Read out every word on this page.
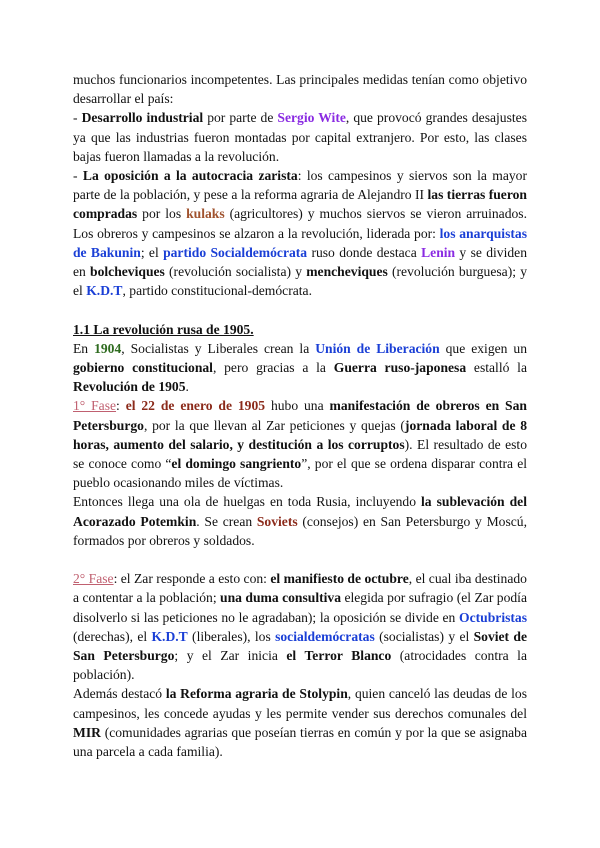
muchos funcionarios incompetentes. Las principales medidas tenían como objetivo desarrollar el país:

- Desarrollo industrial por parte de Sergio Wite, que provocó grandes desajustes ya que las industrias fueron montadas por capital extranjero. Por esto, las clases bajas fueron llamadas a la revolución.

- La oposición a la autocracia zarista: los campesinos y siervos son la mayor parte de la población, y pese a la reforma agraria de Alejandro II las tierras fueron compradas por los kulaks (agricultores) y muchos siervos se vieron arruinados. Los obreros y campesinos se alzaron a la revolución, liderada por: los anarquistas de Bakunin; el partido Socialdemócrata ruso donde destaca Lenin y se dividen en bolcheviques (revolución socialista) y mencheviques (revolución burguesa); y el K.D.T, partido constitucional-demócrata.

1.1 La revolución rusa de 1905.

En 1904, Socialistas y Liberales crean la Unión de Liberación que exigen un gobierno constitucional, pero gracias a la Guerra ruso-japonesa estalló la Revolución de 1905.

1° Fase: el 22 de enero de 1905 hubo una manifestación de obreros en San Petersburgo, por la que llevan al Zar peticiones y quejas (jornada laboral de 8 horas, aumento del salario, y destitución a los corruptos). El resultado de esto se conoce como “el domingo sangriento”, por el que se ordena disparar contra el pueblo ocasionando miles de víctimas.

Entonces llega una ola de huelgas en toda Rusia, incluyendo la sublevación del Acorazado Potemkin. Se crean Soviets (consejos) en San Petersburgo y Moscú, formados por obreros y soldados.

2° Fase: el Zar responde a esto con: el manifiesto de octubre, el cual iba destinado a contentar a la población; una duma consultiva elegida por sufragio (el Zar podía disolverlo si las peticiones no le agradaban); la oposición se divide en Octubristas (derechas), el K.D.T (liberales), los socialdemócratas (socialistas) y el Soviet de San Petersburgo; y el Zar inicia el Terror Blanco (atrocidades contra la población).

Además destacó la Reforma agraria de Stolypin, quien canceló las deudas de los campesinos, les concede ayudas y les permite vender sus derechos comunales del MIR (comunidades agrarias que poseían tierras en común y por la que se asignaba una parcela a cada familia).
